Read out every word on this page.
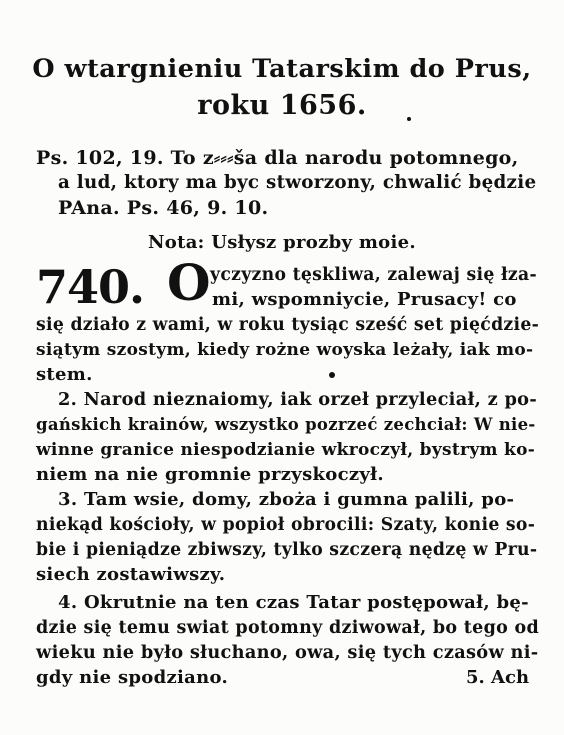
O wtargnieniu Tatarskim do Prus,
roku 1656.
Ps. 102, 19. To z⸗⸗⸗ša dla narodu potomnego,
a lud, ktory ma byc stworzony, chwalić będzie
PAna. Ps. 46, 9. 10.
Nota: Usłysz prozby moie.
740. O yczyzno tęskliwa, zalewaj się łza-
mi, wspomniycie, Prusacy! co
się działo z wami, w roku tysiąc sześć set pięćdzie-
siątym szostym, kiedy rożne woyska leżały, iak mo-
stem.
2. Narod nieznaiomy, iak orzeł przyleciał, z po-
gańskich krainów, wszystko pozrzeć zechciał: W nie-
winne granice niespodzianie wkroczył, bystrym ko-
niem na nie gromnie przyskoczył.
3. Tam wsie, domy, zboża i gumna palili, po-
niekąd kościoły, w popioł obrocili: Szaty, konie so-
bie i pieniądze zbiwszy, tylko szczerą nędzę w Pru-
siech zostawiwszy.
4. Okrutnie na ten czas Tatar postępował, bę-
dzie się temu swiat potomny dziwował, bo tego od
wieku nie było słuchano, owa, się tych czasów ni-
gdy nie spodziano.	5. Ach
